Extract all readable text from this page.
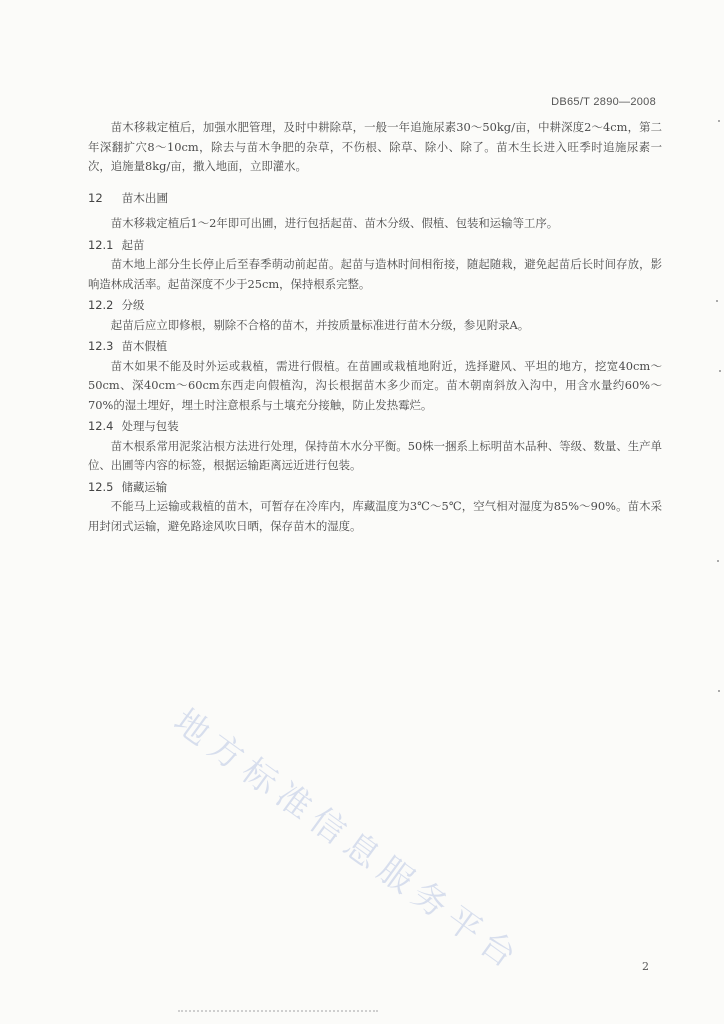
DB65/T 2890—2008

苗木移栽定植后，加强水肥管理，及时中耕除草，一般一年追施尿素30～50kg/亩，中耕深度2～4cm，第二年深翻扩穴8～10cm，除去与苗木争肥的杂草，不伤根、除草、除小、除了。苗木生长进入旺季时追施尿素一次，追施量8kg/亩，撒入地面，立即灌水。

12 苗木出圃

苗木移栽定植后1～2年即可出圃，进行包括起苗、苗木分级、假植、包装和运输等工序。

12.1 起苗

苗木地上部分生长停止后至春季萌动前起苗。起苗与造林时间相衔接，随起随栽，避免起苗后长时间存放，影响造林成活率。起苗深度不少于25cm，保持根系完整。

12.2 分级

起苗后应立即修根，剔除不合格的苗木，并按质量标准进行苗木分级，参见附录A。

12.3 苗木假植

苗木如果不能及时外运或栽植，需进行假植。在苗圃或栽植地附近，选择避风、平坦的地方，挖宽40cm～50cm、深40cm～60cm东西走向假植沟，沟长根据苗木多少而定。苗木朝南斜放入沟中，用含水量约60%～70%的湿土埋好，埋土时注意根系与土壤充分接触，防止发热霉烂。

12.4 处理与包装

苗木根系常用泥浆沾根方法进行处理，保持苗木水分平衡。50株一捆系上标明苗木品种、等级、数量、生产单位、出圃等内容的标签，根据运输距离远近进行包装。

12.5 储藏运输

不能马上运输或栽植的苗木，可暂存在冷库内，库藏温度为3℃～5℃，空气相对湿度为85%～90%。苗木采用封闭式运输，避免路途风吹日晒，保存苗木的湿度。

地方标准信息服务平台	2
